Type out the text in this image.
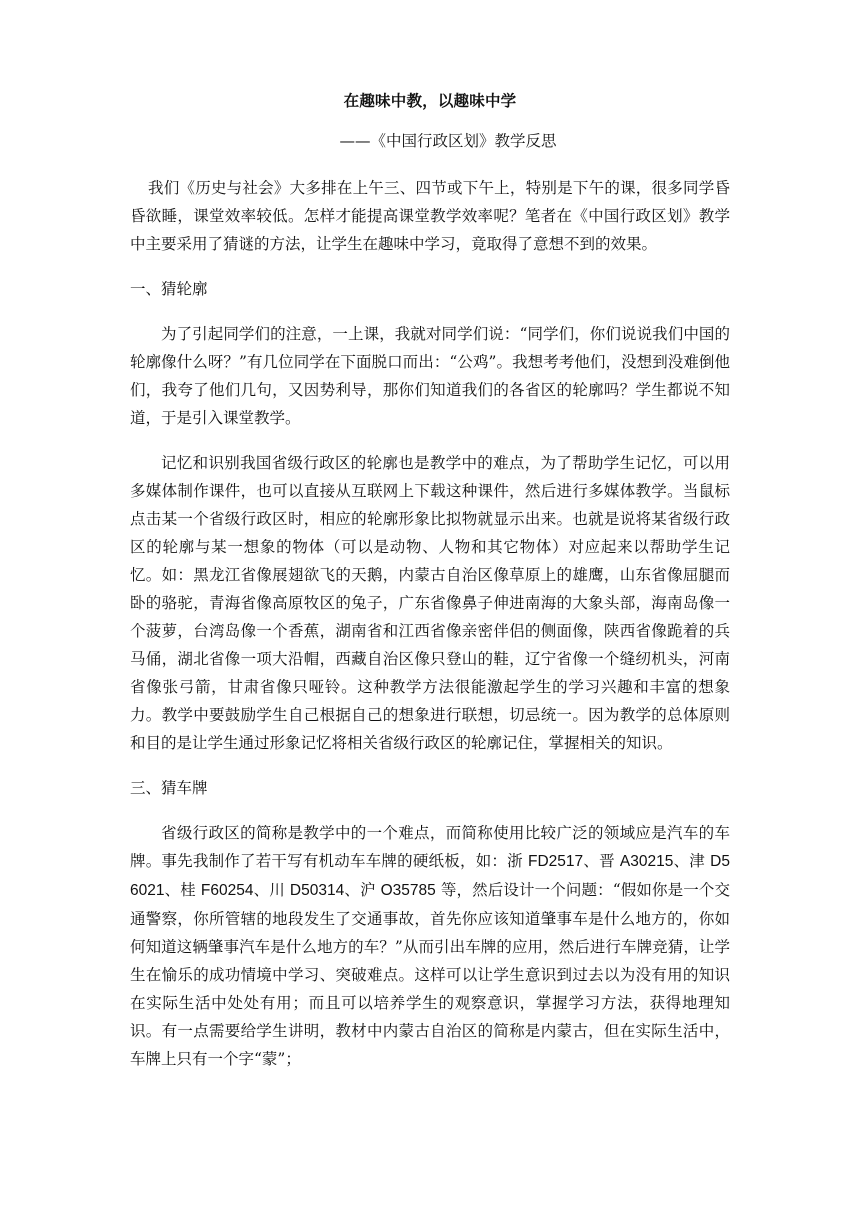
在趣味中教，以趣味中学
——《中国行政区划》教学反思

我们《历史与社会》大多排在上午三、四节或下午上，特别是下午的课，很多同学昏昏欲睡，课堂效率较低。怎样才能提高课堂教学效率呢？笔者在《中国行政区划》教学中主要采用了猜谜的方法，让学生在趣味中学习，竟取得了意想不到的效果。

一、猜轮廓

为了引起同学们的注意，一上课，我就对同学们说：“同学们，你们说说我们中国的轮廓像什么呀？”有几位同学在下面脱口而出：“公鸡”。我想考考他们，没想到没难倒他们，我夸了他们几句，又因势利导，那你们知道我们的各省区的轮廓吗？学生都说不知道，于是引入课堂教学。

记忆和识别我国省级行政区的轮廓也是教学中的难点，为了帮助学生记忆，可以用多媒体制作课件，也可以直接从互联网上下载这种课件，然后进行多媒体教学。当鼠标点击某一个省级行政区时，相应的轮廓形象比拟物就显示出来。也就是说将某省级行政区的轮廓与某一想象的物体（可以是动物、人物和其它物体）对应起来以帮助学生记忆。如：黑龙江省像展翅欲飞的天鹅，内蒙古自治区像草原上的雄鹰，山东省像屈腿而卧的骆驼，青海省像高原牧区的兔子，广东省像鼻子伸进南海的大象头部，海南岛像一个菠萝，台湾岛像一个香蕉，湖南省和江西省像亲密伴侣的侧面像，陕西省像跪着的兵马俑，湖北省像一项大沿帽，西藏自治区像只登山的鞋，辽宁省像一个缝纫机头，河南省像张弓箭，甘肃省像只哑铃。这种教学方法很能激起学生的学习兴趣和丰富的想象力。教学中要鼓励学生自己根据自己的想象进行联想，切忌统一。因为教学的总体原则和目的是让学生通过形象记忆将相关省级行政区的轮廓记住，掌握相关的知识。

三、猜车牌

省级行政区的简称是教学中的一个难点，而简称使用比较广泛的领域应是汽车的车牌。事先我制作了若干写有机动车车牌的硬纸板，如：浙 FD2517、晋 A30215、津 D56021、桂 F60254、川 D50314、沪 O35785 等，然后设计一个问题：“假如你是一个交通警察，你所管辖的地段发生了交通事故，首先你应该知道肇事车是什么地方的，你如何知道这辆肇事汽车是什么地方的车？”从而引出车牌的应用，然后进行车牌竞猜，让学生在愉乐的成功情境中学习、突破难点。这样可以让学生意识到过去以为没有用的知识在实际生活中处处有用；而且可以培养学生的观察意识，掌握学习方法，获得地理知识。有一点需要给学生讲明，教材中内蒙古自治区的简称是内蒙古，但在实际生活中，车牌上只有一个字“蒙”；
